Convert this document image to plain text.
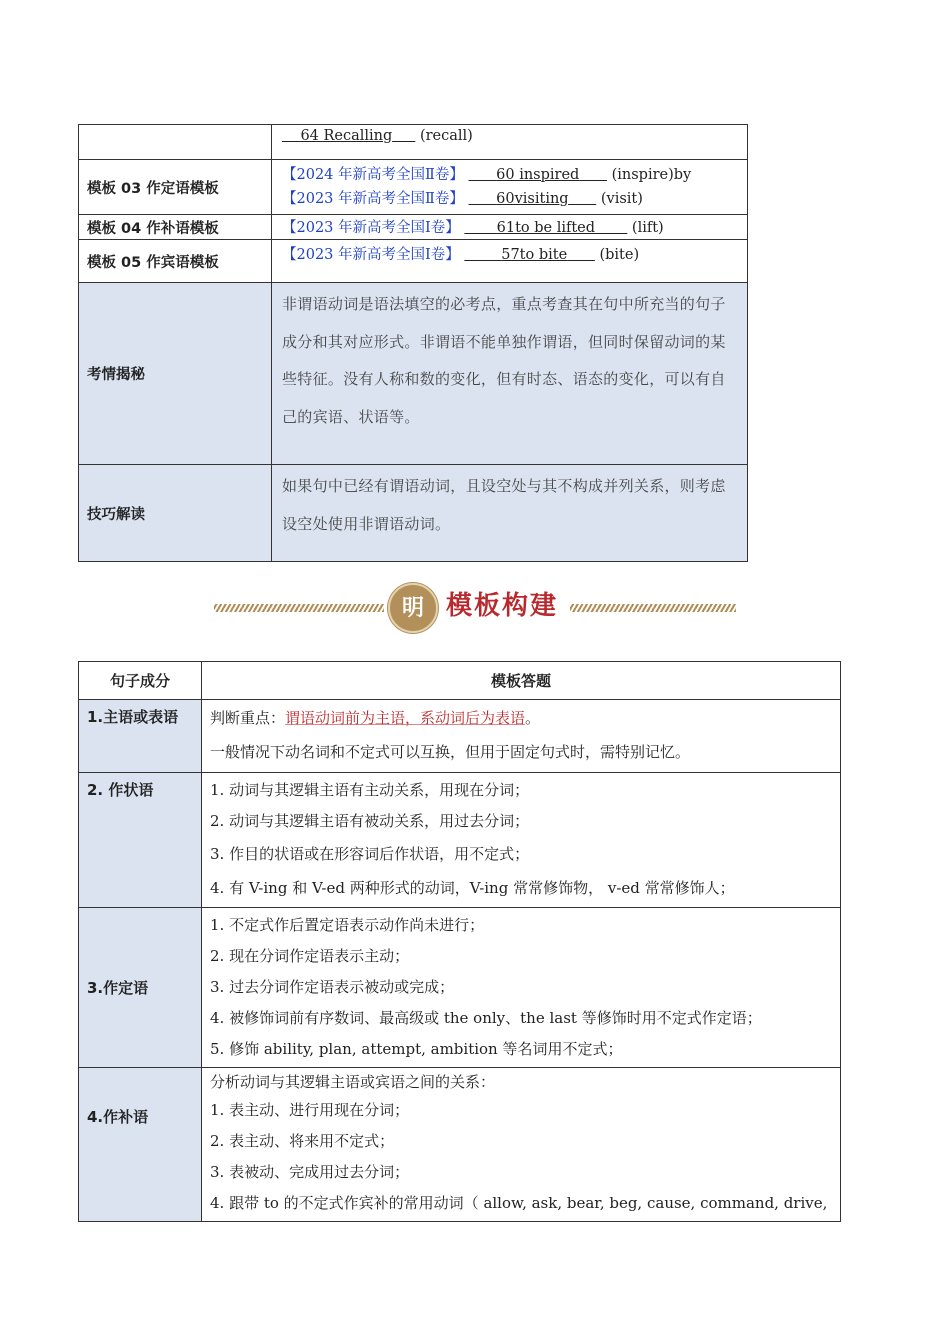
	64 Recalling (recall)
模板 03 作定语模板	【2024 年新高考全国Ⅱ卷】 60 inspired (inspire)by
【2023 年新高考全国Ⅱ卷】 60visiting (visit)

模板 04 作补语模板	【2023 年新高考全国Ⅰ卷】 61to be lifted (lift)
模板 05 作宾语模板	【2023 年新高考全国Ⅰ卷】 57to bite (bite)
考情揭秘	非谓语动词是语法填空的必考点，重点考查其在句中所充当的句子成分和其对应形式。非谓语不能单独作谓语，但同时保留动词的某些特征。没有人称和数的变化，但有时态、语态的变化，可以有自己的宾语、状语等。
技巧解读	如果句中已经有谓语动词，且设空处与其不构成并列关系，则考虑设空处使用非谓语动词。
明 模板构建
句子成分	模板答题
1.主语或表语	判断重点：谓语动词前为主语，系动词后为表语。
一般情况下动名词和不定式可以互换，但用于固定句式时，需特别记忆。

2. 作状语	1. 动词与其逻辑主语有主动关系，用现在分词；
2. 动词与其逻辑主语有被动关系，用过去分词；
3. 作目的状语或在形容词后作状语，用不定式；
4. 有 V-ing 和 V-ed 两种形式的动词，V-ing 常常修饰物， v-ed 常常修饰人；

3.作定语	1. 不定式作后置定语表示动作尚未进行；
2. 现在分词作定语表示主动；
3. 过去分词作定语表示被动或完成；
4. 被修饰词前有序数词、最高级或 the only、the last 等修饰时用不定式作定语；
5. 修饰 ability, plan, attempt, ambition 等名词用不定式；

4.作补语	分析动词与其逻辑主语或宾语之间的关系：
1. 表主动、进行用现在分词；
2. 表主动、将来用不定式；
3. 表被动、完成用过去分词；
4. 跟带 to 的不定式作宾补的常用动词（ allow, ask, bear, beg, cause, command, drive,
